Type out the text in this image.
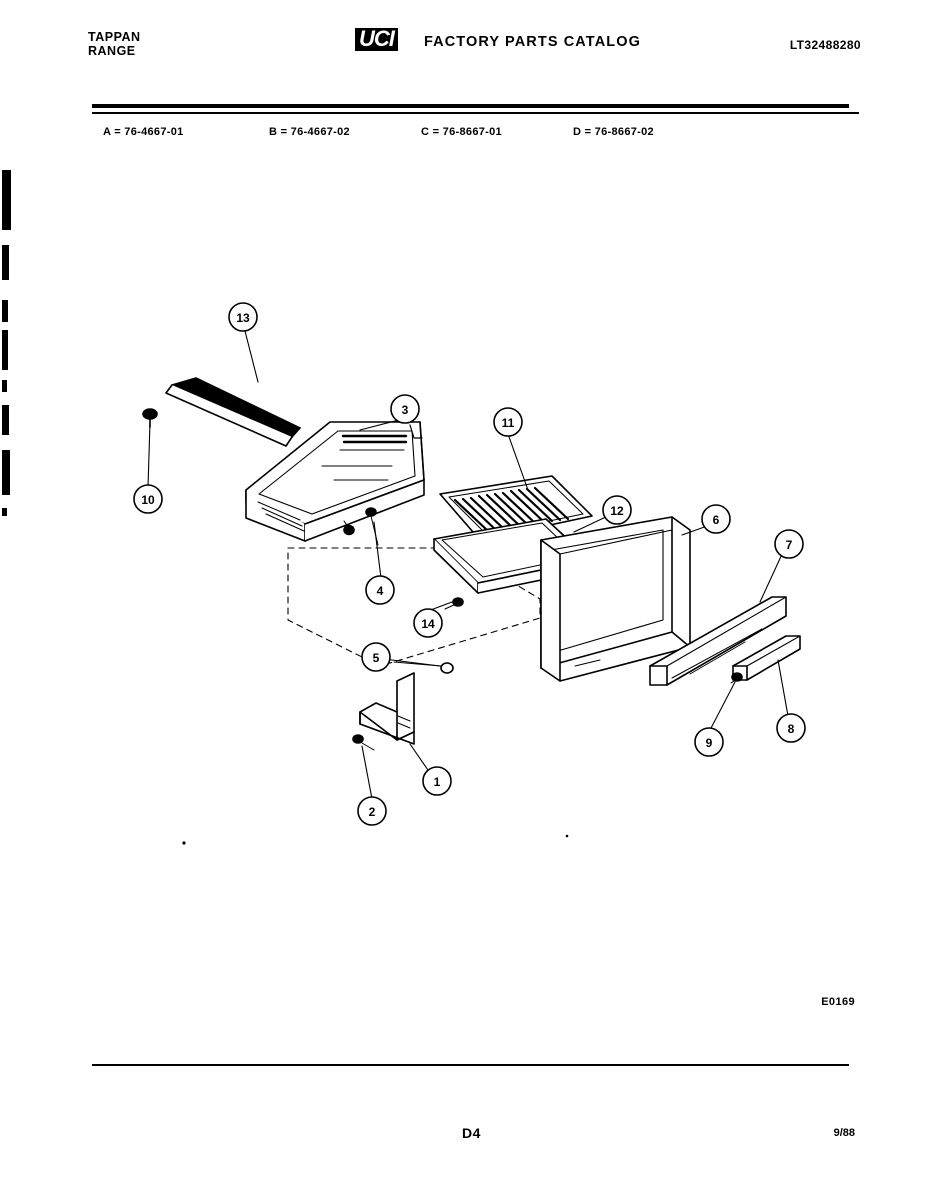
TAPPAN
RANGE	UCI FACTORY PARTS CATALOG	LT32488280
A = 76-4667-01	B = 76-4667-02	C = 76-8667-01	D = 76-8667-02
13
3
11
10
12
6
7
4
14
5
9
8
1
2
E0169
D4	9/88
